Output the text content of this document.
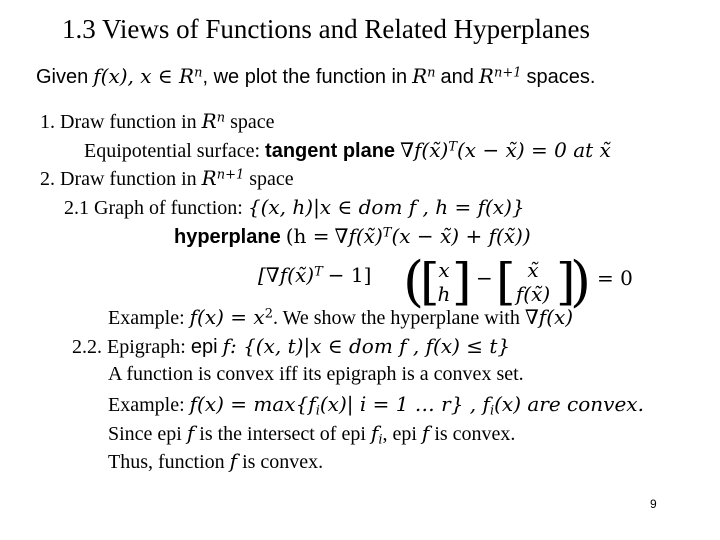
1.3 Views of Functions and Related Hyperplanes
Given f(x), x ∈ $R^n$, we plot the function in $R^n$ and $R^{n+1}$ spaces.
1. Draw function in $R^n$ space
Equipotential surface: tangent plane ∇f(x̃)$^T$(x − x̃) = 0 at x̃
2. Draw function in $R^{n+1}$ space
2.1 Graph of function: {(x, h)|x ∈ dom f , h = f(x)}
hyperplane (h = ∇f(x̃)$^T$(x − x̃) + f(x̃))
[∇f(x̃)$^T$ − 1] (
[
x
h ] − [ x̃
f(x̃) ]
) = 0
Example: $f(x) = x^2$. We show the hyperplane with ∇f(x)
2.2. Epigraph: epi f: {(x, t)|x ∈ dom f , f(x) ≤ t}
A function is convex iff its epigraph is a convex set.
Example: $f(x) = \max\{f_i(x)|$ i = 1 … r} , $f_i(x)$ are convex.
Since epi f is the intersect of epi $f_i$, epi f is convex.
Thus, function f is convex.
9
